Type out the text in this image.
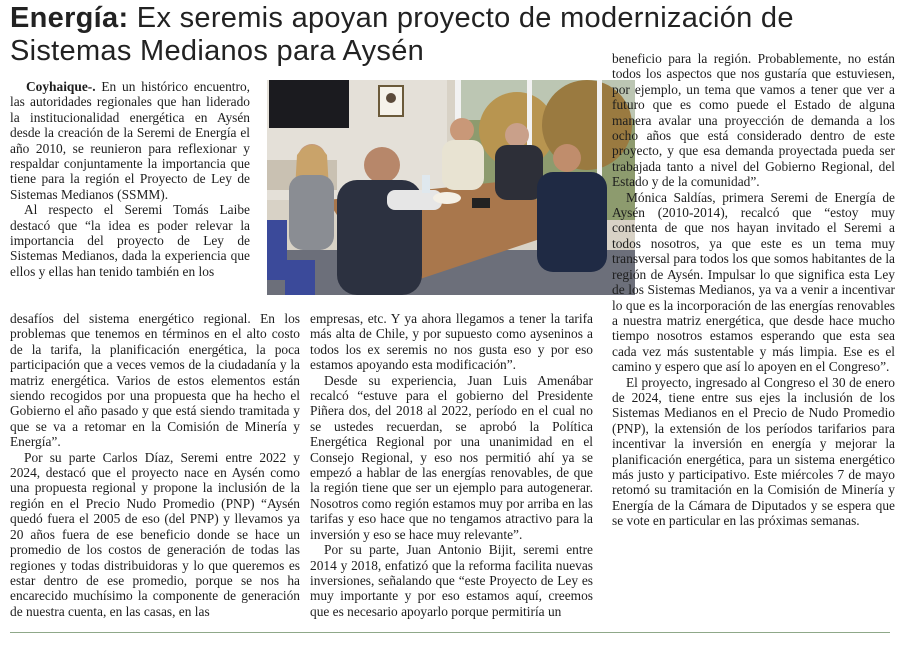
Energía: Ex seremis apoyan proyecto de modernización de Sistemas Medianos para Aysén

Coyhaique-. En un histórico encuentro, las autoridades regionales que han liderado la institucionalidad energética en Aysén desde la creación de la Seremi de Energía el año 2010, se reunieron para reflexionar y respaldar conjuntamente la importancia que tiene para la región el Proyecto de Ley de Sistemas Medianos (SSMM).

Al respecto el Seremi Tomás Laibe destacó que “la idea es poder relevar la importancia del proyecto de Ley de Sistemas Medianos, dada la experiencia que ellos y ellas han tenido también en los

desafíos del sistema energético regional. En los problemas que tenemos en términos en el alto costo de la tarifa, la planificación energética, la poca participación que a veces vemos de la ciudadanía y la matriz energética. Varios de estos elementos están siendo recogidos por una propuesta que ha hecho el Gobierno el año pasado y que está siendo tramitada y que se va a retomar en la Comisión de Minería y Energía”.

Por su parte Carlos Díaz, Seremi entre 2022 y 2024, destacó que el proyecto nace en Aysén como una propuesta regional y propone la inclusión de la región en el Precio Nudo Promedio (PNP) “Aysén quedó fuera el 2005 de eso (del PNP) y llevamos ya 20 años fuera de ese beneficio donde se hace un promedio de los costos de generación de todas las regiones y todas distribuidoras y lo que queremos es estar dentro de ese promedio, porque se nos ha encarecido muchísimo la componente de generación de nuestra cuenta, en las casas, en las

empresas, etc. Y ya ahora llegamos a tener la tarifa más alta de Chile, y por supuesto como ayseninos a todos los ex seremis no nos gusta eso y por eso estamos apoyando esta modificación”.

Desde su experiencia, Juan Luis Amenábar recalcó “estuve para el gobierno del Presidente Piñera dos, del 2018 al 2022, período en el cual no se ustedes recuerdan, se aprobó la Política Energética Regional por una unanimidad en el Consejo Regional, y eso nos permitió ahí ya se empezó a hablar de las energías renovables, de que la región tiene que ser un ejemplo para autogenerar. Nosotros como región estamos muy por arriba en las tarifas y eso hace que no tengamos atractivo para la inversión y eso se hace muy relevante”.

Por su parte, Juan Antonio Bijit, seremi entre 2014 y 2018, enfatizó que la reforma facilita nuevas inversiones, señalando que “este Proyecto de Ley es muy importante y por eso estamos aquí, creemos que es necesario apoyarlo porque permitiría un

beneficio para la región. Probablemente, no están todos los aspectos que nos gustaría que estuviesen, por ejemplo, un tema que vamos a tener que ver a futuro que es como puede el Estado de alguna manera avalar una proyección de demanda a los ocho años que está considerado dentro de este proyecto, y que esa demanda proyectada pueda ser trabajada tanto a nivel del Gobierno Regional, del Estado y de la comunidad”.

Mónica Saldías, primera Seremi de Energía de Aysén (2010-2014), recalcó que “estoy muy contenta de que nos hayan invitado el Seremi a todos nosotros, ya que este es un tema muy transversal para todos los que somos habitantes de la región de Aysén. Impulsar lo que significa esta Ley de los Sistemas Medianos, ya va a venir a incentivar lo que es la incorporación de las energías renovables a nuestra matriz energética, que desde hace mucho tiempo nosotros estamos esperando que esta sea cada vez más sustentable y más limpia. Ese es el camino y espero que así lo apoyen en el Congreso”.

El proyecto, ingresado al Congreso el 30 de enero de 2024, tiene entre sus ejes la inclusión de los Sistemas Medianos en el Precio de Nudo Promedio (PNP), la extensión de los períodos tarifarios para incentivar la inversión en energía y mejorar la planificación energética, para un sistema energético más justo y participativo. Este miércoles 7 de mayo retomó su tramitación en la Comisión de Minería y Energía de la Cámara de Diputados y se espera que se vote en particular en las próximas semanas.
